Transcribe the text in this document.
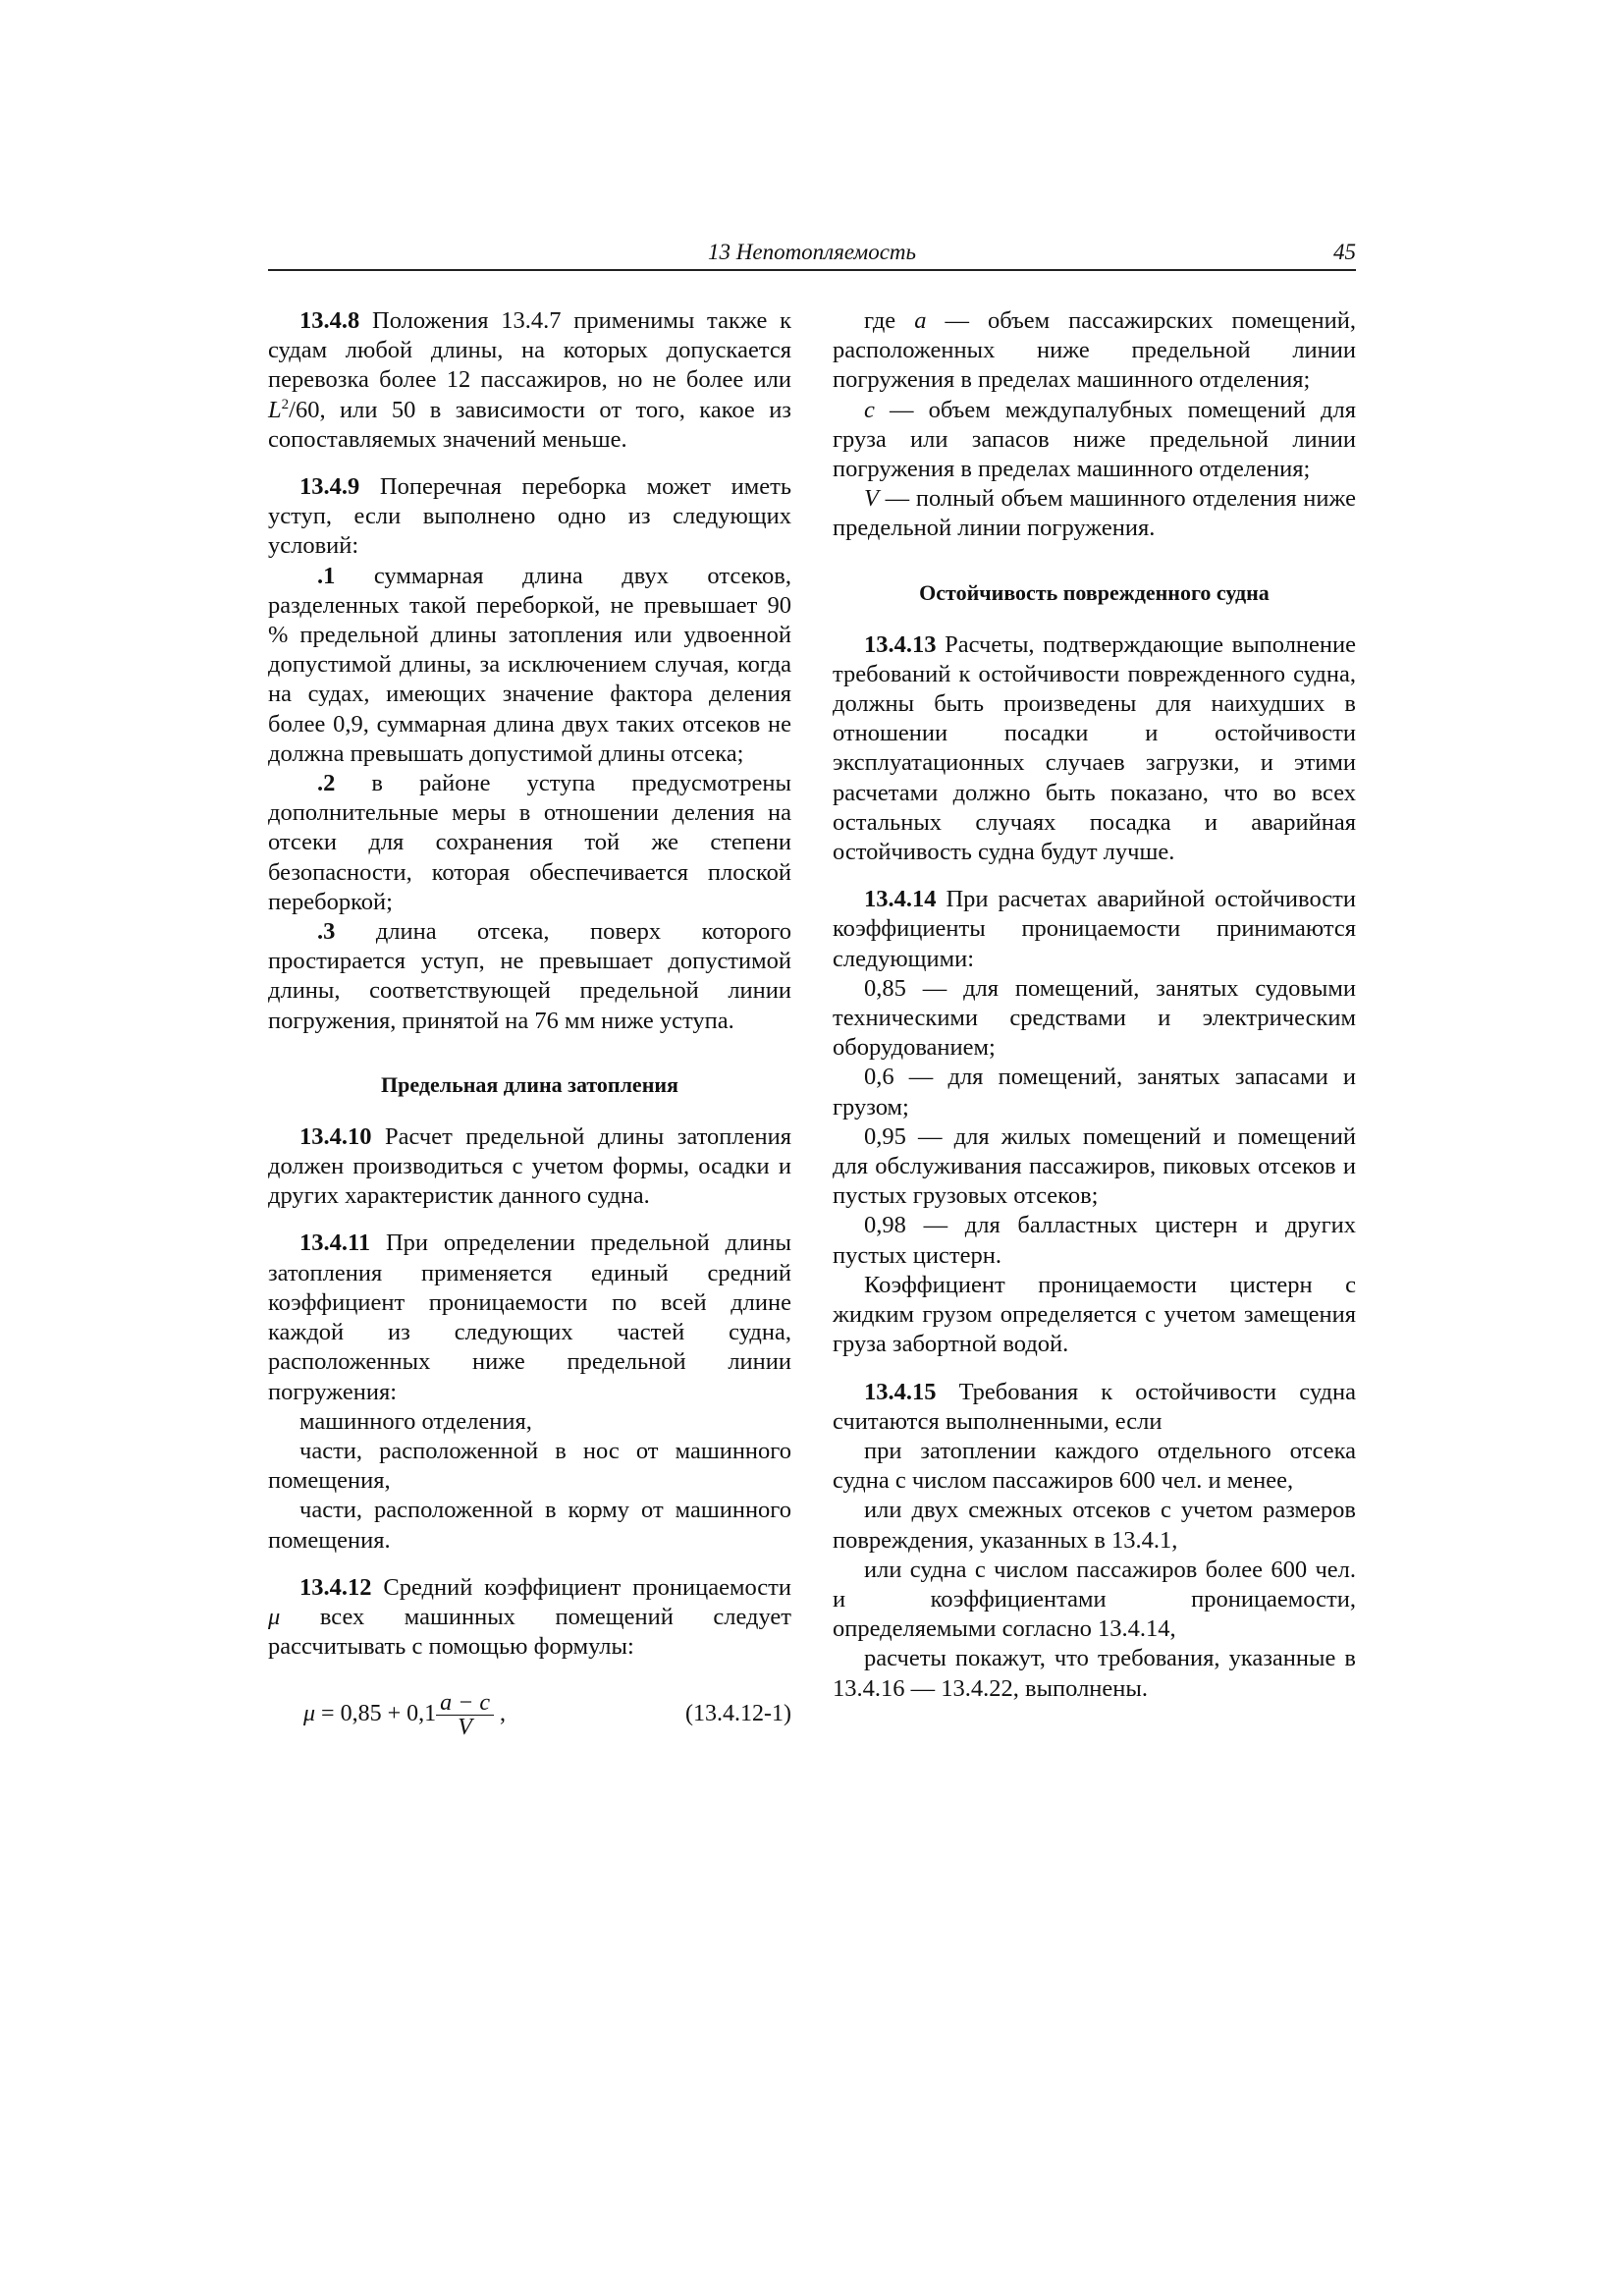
13 Непотопляемость	45

13.4.8 Положения 13.4.7 применимы также к судам любой длины, на которых допускается перевозка более 12 пассажиров, но не более или $L^2/60$, или 50 в зависимости от того, какое из сопоставляемых значений меньше.

13.4.9 Поперечная переборка может иметь уступ, если выполнено одно из следующих условий:

.1 суммарная длина двух отсеков, разделенных такой переборкой, не превышает 90 % предельной длины затопления или удвоенной допустимой длины, за исключением случая, когда на судах, имеющих значение фактора деления более 0,9, суммарная длина двух таких отсеков не должна превышать допустимой длины отсека;

.2 в районе уступа предусмотрены дополнительные меры в отношении деления на отсеки для сохранения той же степени безопасности, которая обеспечивается плоской переборкой;

.3 длина отсека, поверх которого простирается уступ, не превышает допустимой длины, соответствующей предельной линии погружения, принятой на 76 мм ниже уступа.

Предельная длина затопления

13.4.10 Расчет предельной длины затопления должен производиться с учетом формы, осадки и других характеристик данного судна.

13.4.11 При определении предельной длины затопления применяется единый средний коэффициент проницаемости по всей длине каждой из следующих частей судна, расположенных ниже предельной линии погружения:

машинного отделения,

части, расположенной в нос от машинного помещения,

части, расположенной в корму от машинного помещения.

13.4.12 Средний коэффициент проницаемости μ всех машинных помещений следует рассчитывать с помощью формулы:

$\mu = 0,85 + 0,1 \frac{a - c}{V}$ ,	(13.4.12-1)

где a — объем пассажирских помещений, расположенных ниже предельной линии погружения в пределах машинного отделения;

c — объем междупалубных помещений для груза или запасов ниже предельной линии погружения в пределах машинного отделения;

V — полный объем машинного отделения ниже предельной линии погружения.

Остойчивость поврежденного судна

13.4.13 Расчеты, подтверждающие выполнение требований к остойчивости поврежденного судна, должны быть произведены для наихудших в отношении посадки и остойчивости эксплуатационных случаев загрузки, и этими расчетами должно быть показано, что во всех остальных случаях посадка и аварийная остойчивость судна будут лучше.

13.4.14 При расчетах аварийной остойчивости коэффициенты проницаемости принимаются следующими:

0,85 — для помещений, занятых судовыми техническими средствами и электрическим оборудованием;

0,6 — для помещений, занятых запасами и грузом;

0,95 — для жилых помещений и помещений для обслуживания пассажиров, пиковых отсеков и пустых грузовых отсеков;

0,98 — для балластных цистерн и других пустых цистерн.

Коэффициент проницаемости цистерн с жидким грузом определяется с учетом замещения груза забортной водой.

13.4.15 Требования к остойчивости судна считаются выполненными, если

при затоплении каждого отдельного отсека судна с числом пассажиров 600 чел. и менее,

или двух смежных отсеков с учетом размеров повреждения, указанных в 13.4.1,

или судна с числом пассажиров более 600 чел. и коэффициентами проницаемости, определяемыми согласно 13.4.14,

расчеты покажут, что требования, указанные в 13.4.16 — 13.4.22, выполнены.
